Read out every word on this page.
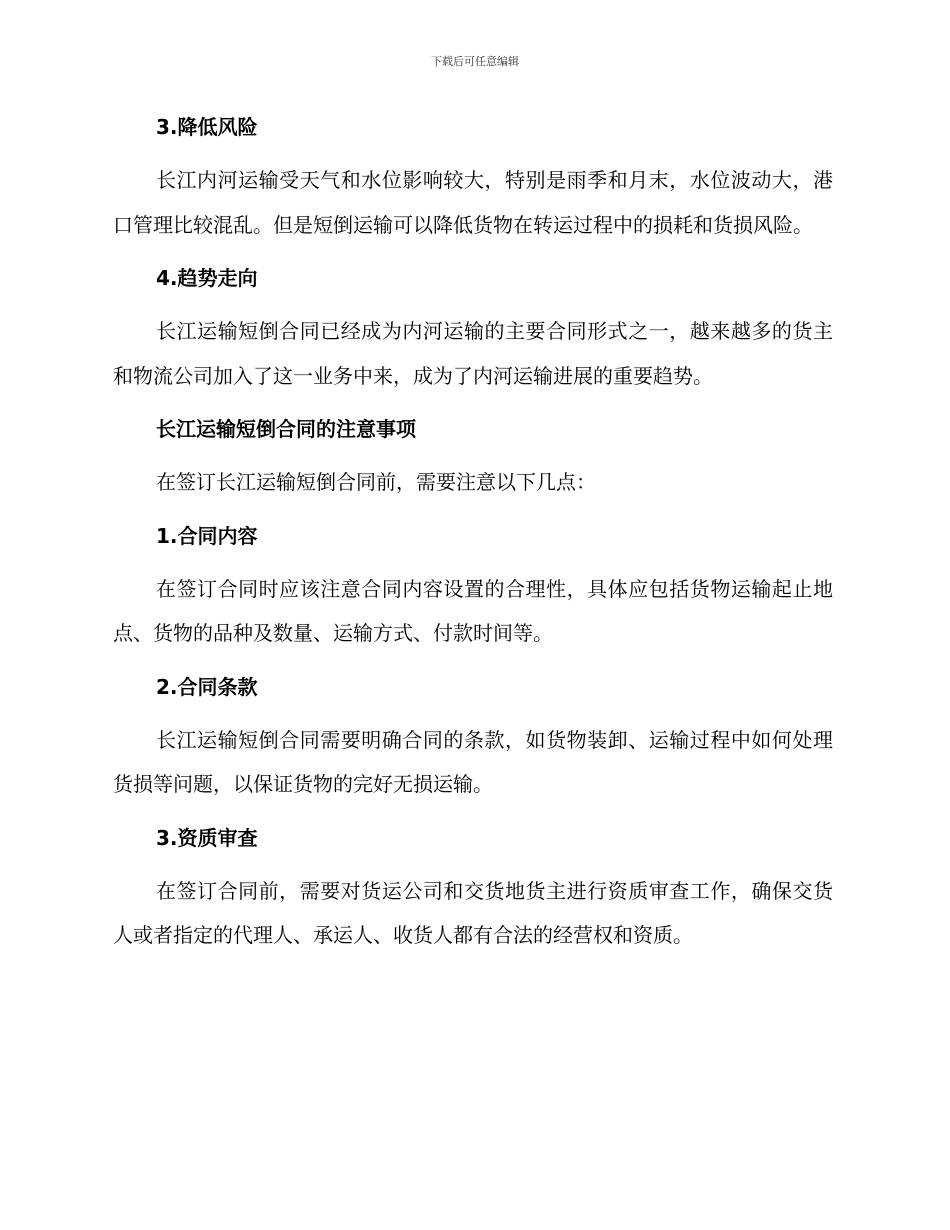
下载后可任意编辑
3.降低风险

长江内河运输受天气和水位影响较大，特别是雨季和月末，水位波动大，港口管理比较混乱。但是短倒运输可以降低货物在转运过程中的损耗和货损风险。

4.趋势走向

长江运输短倒合同已经成为内河运输的主要合同形式之一，越来越多的货主和物流公司加入了这一业务中来，成为了内河运输进展的重要趋势。

长江运输短倒合同的注意事项

在签订长江运输短倒合同前，需要注意以下几点：

1.合同内容

在签订合同时应该注意合同内容设置的合理性，具体应包括货物运输起止地点、货物的品种及数量、运输方式、付款时间等。

2.合同条款

长江运输短倒合同需要明确合同的条款，如货物装卸、运输过程中如何处理货损等问题，以保证货物的完好无损运输。

3.资质审查

在签订合同前，需要对货运公司和交货地货主进行资质审查工作，确保交货人或者指定的代理人、承运人、收货人都有合法的经营权和资质。
